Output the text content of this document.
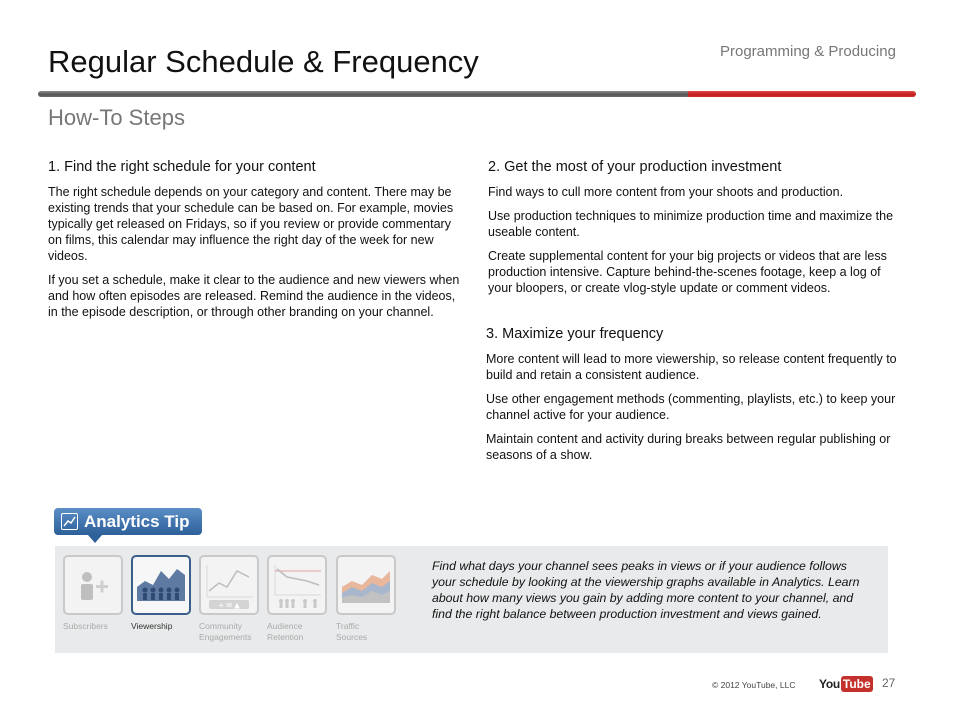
Regular Schedule & Frequency	Programming & Producing
How-To Steps
1. Find the right schedule for your content

The right schedule depends on your category and content. There may be existing trends that your schedule can be based on. For example, movies typically get released on Fridays, so if you review or provide commentary on films, this calendar may influence the right day of the week for new videos.

If you set a schedule, make it clear to the audience and new viewers when and how often episodes are released. Remind the audience in the videos, in the episode description, or through other branding on your channel.

2. Get the most of your production investment

Find ways to cull more content from your shoots and production.

Use production techniques to minimize production time and maximize the useable content.

Create supplemental content for your big projects or videos that are less production intensive. Capture behind-the-scenes footage, keep a log of your bloopers, or create vlog-style update or comment videos.

3. Maximize your frequency

More content will lead to more viewership, so release content frequently to build and retain a consistent audience.

Use other engagement methods (commenting, playlists, etc.) to keep your channel active for your audience.

Maintain content and activity during breaks between regular publishing or seasons of a show.

Analytics Tip
+ ✉ ▲
Subscribers	Viewership	Community Engagements
Audience Retention
Traffic Sources
Find what days your channel sees peaks in views or if your audience follows your schedule by looking at the viewership graphs available in Analytics. Learn about how many views you gain by adding more content to your channel, and find the right balance between production investment and views gained.
© 2012 YouTube, LLC You Tube 27
